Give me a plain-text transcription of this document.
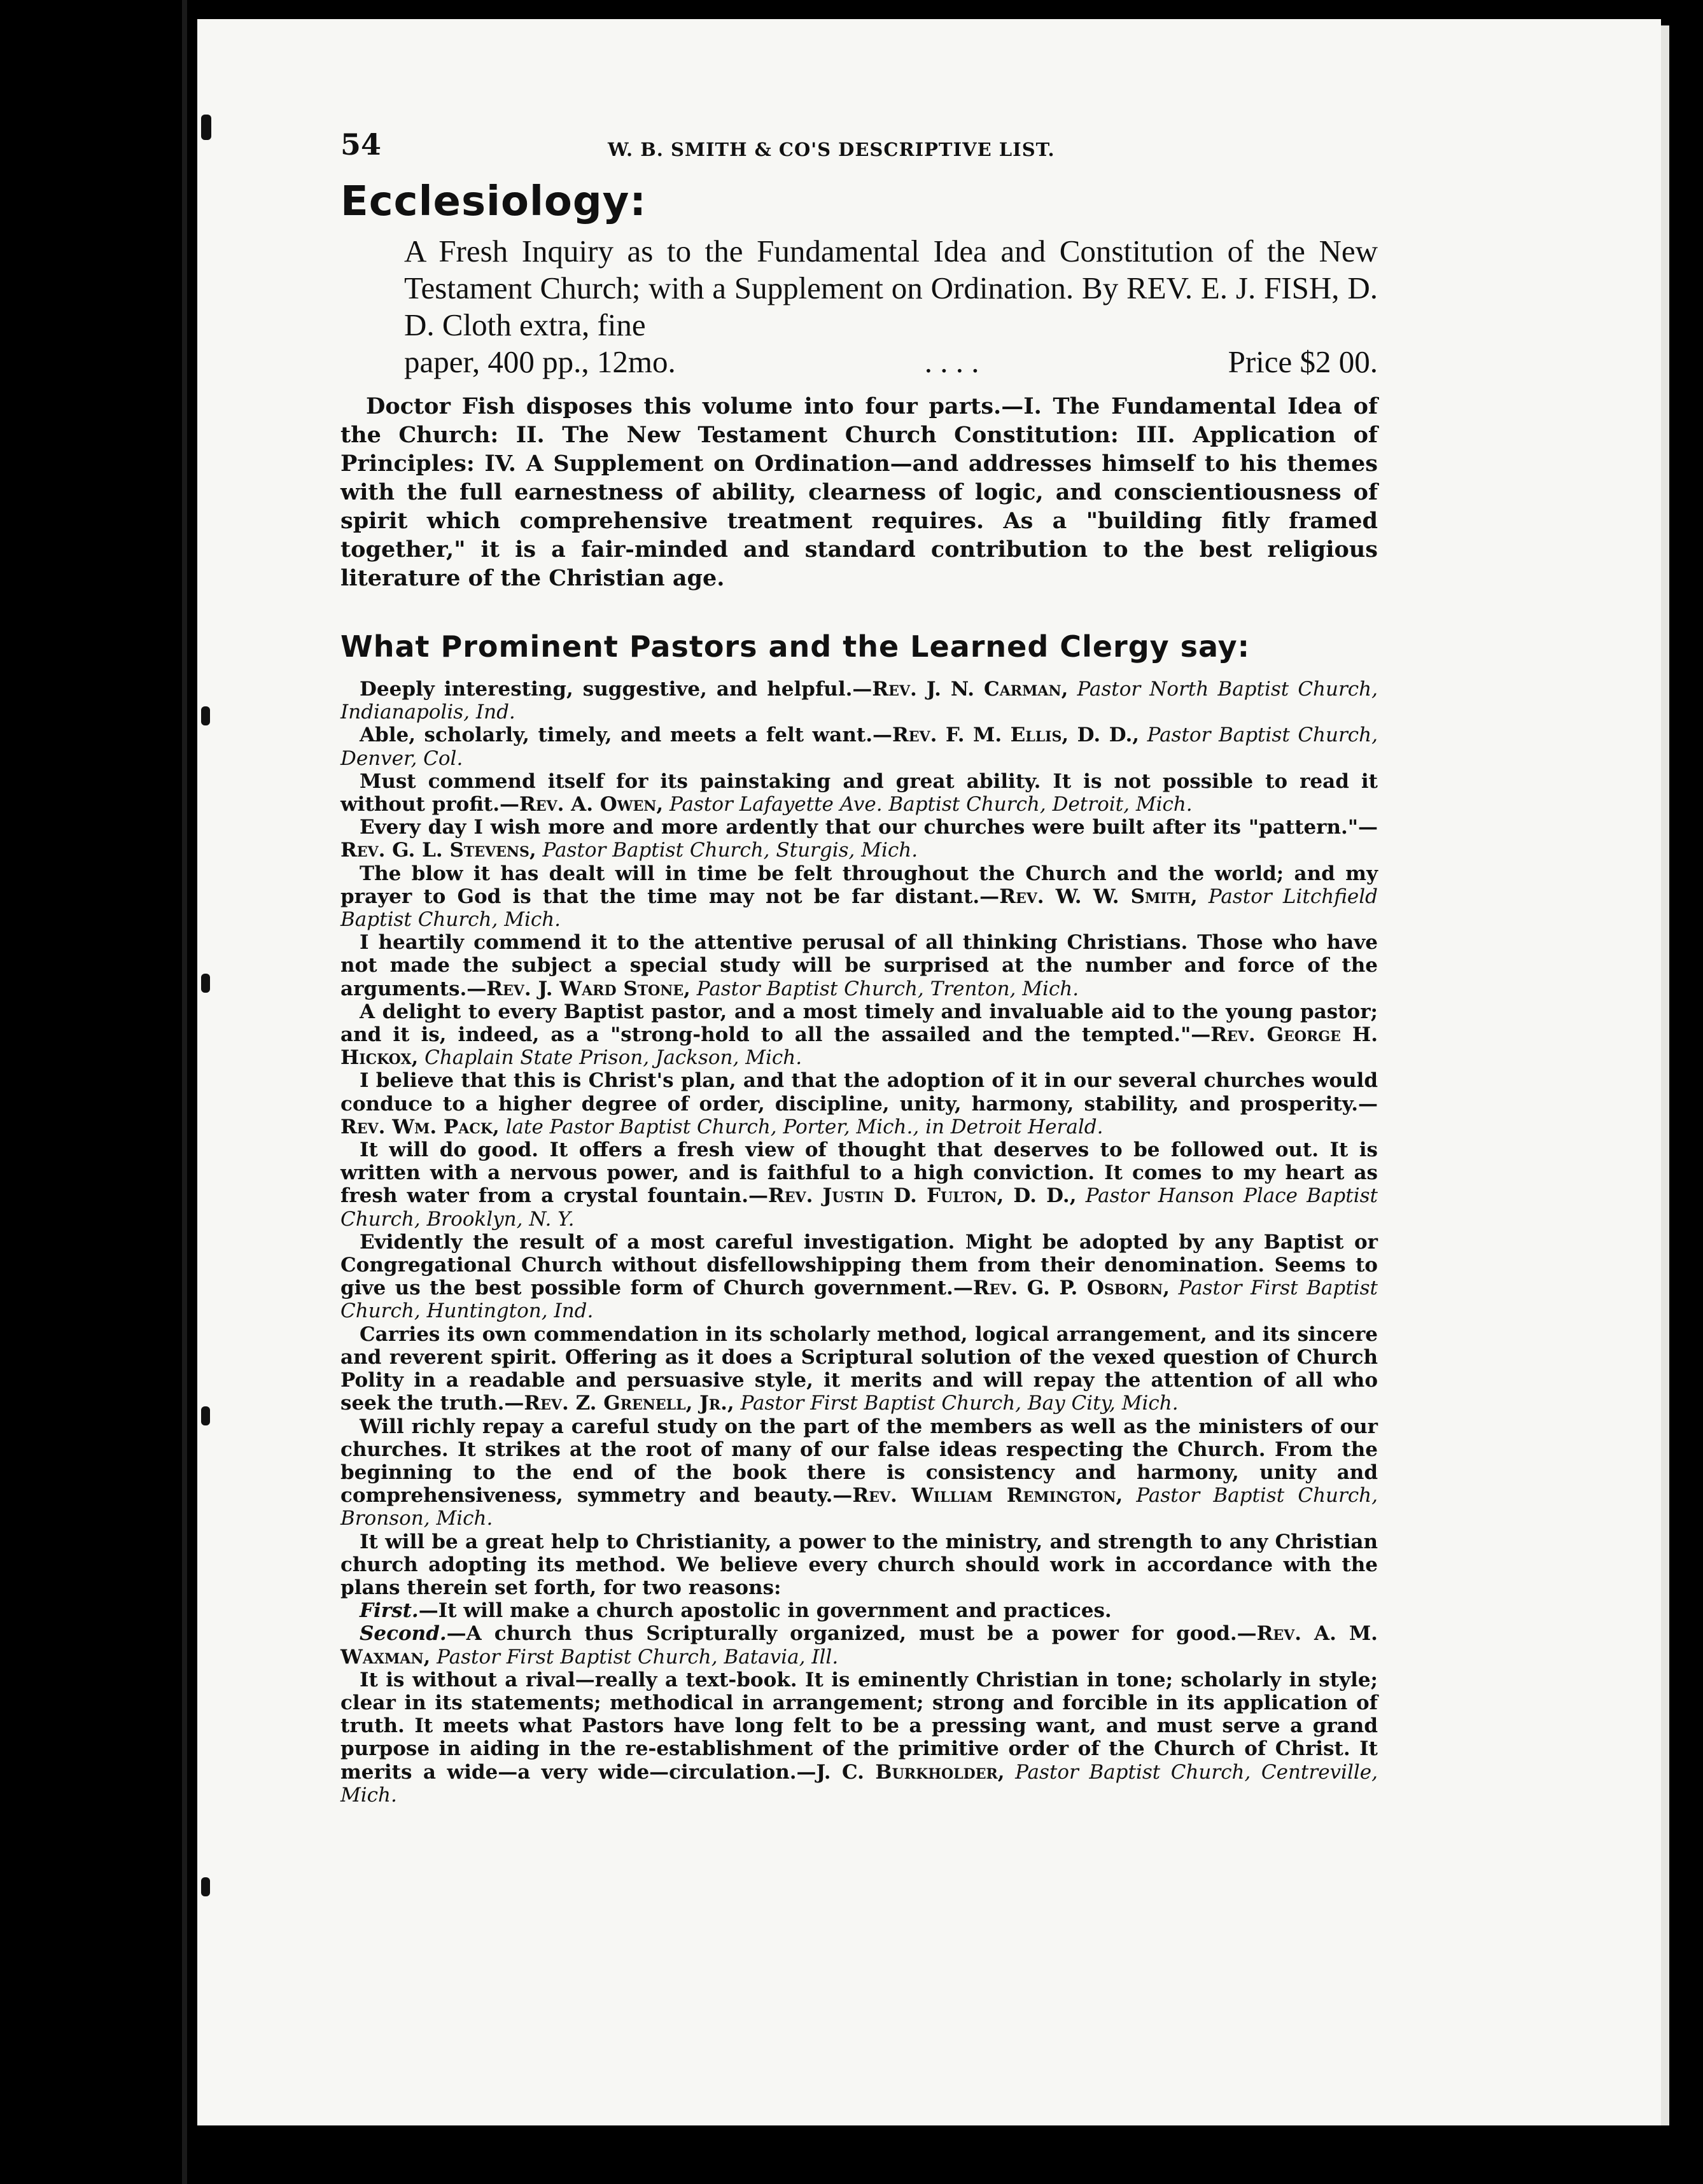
54	W. B. SMITH & CO'S DESCRIPTIVE LIST.
Ecclesiology:
A Fresh Inquiry as to the Fundamental Idea and Constitution of the New Testament Church; with a Supplement on Ordination. By REV. E. J. FISH, D. D. Cloth extra, fine
paper, 400 pp., 12mo.	. . . .	Price $2 00.

Doctor Fish disposes this volume into four parts.—I. The Fundamental Idea of the Church: II. The New Testament Church Constitution: III. Application of Principles: IV. A Supplement on Ordination—and addresses himself to his themes with the full earnestness of ability, clearness of logic, and conscientiousness of spirit which comprehensive treatment requires. As a "building fitly framed together," it is a fair-minded and standard contribution to the best religious literature of the Christian age.

What Prominent Pastors and the Learned Clergy say:

Deeply interesting, suggestive, and helpful.—Rev. J. N. Carman, Pastor North Baptist Church, Indianapolis, Ind.

Able, scholarly, timely, and meets a felt want.—Rev. F. M. Ellis, D. D., Pastor Baptist Church, Denver, Col.

Must commend itself for its painstaking and great ability. It is not possible to read it without profit.—Rev. A. Owen, Pastor Lafayette Ave. Baptist Church, Detroit, Mich.

Every day I wish more and more ardently that our churches were built after its "pattern."—Rev. G. L. Stevens, Pastor Baptist Church, Sturgis, Mich.

The blow it has dealt will in time be felt throughout the Church and the world; and my prayer to God is that the time may not be far distant.—Rev. W. W. Smith, Pastor Litchfield Baptist Church, Mich.

I heartily commend it to the attentive perusal of all thinking Christians. Those who have not made the subject a special study will be surprised at the number and force of the arguments.—Rev. J. Ward Stone, Pastor Baptist Church, Trenton, Mich.

A delight to every Baptist pastor, and a most timely and invaluable aid to the young pastor; and it is, indeed, as a "strong-hold to all the assailed and the tempted."—Rev. George H. Hickox, Chaplain State Prison, Jackson, Mich.

I believe that this is Christ's plan, and that the adoption of it in our several churches would conduce to a higher degree of order, discipline, unity, harmony, stability, and prosperity.—Rev. Wm. Pack, late Pastor Baptist Church, Porter, Mich., in Detroit Herald.

It will do good. It offers a fresh view of thought that deserves to be followed out. It is written with a nervous power, and is faithful to a high conviction. It comes to my heart as fresh water from a crystal fountain.—Rev. Justin D. Fulton, D. D., Pastor Hanson Place Baptist Church, Brooklyn, N. Y.

Evidently the result of a most careful investigation. Might be adopted by any Baptist or Congregational Church without disfellowshipping them from their denomination. Seems to give us the best possible form of Church government.—Rev. G. P. Osborn, Pastor First Baptist Church, Huntington, Ind.

Carries its own commendation in its scholarly method, logical arrangement, and its sincere and reverent spirit. Offering as it does a Scriptural solution of the vexed question of Church Polity in a readable and persuasive style, it merits and will repay the attention of all who seek the truth.—Rev. Z. Grenell, Jr., Pastor First Baptist Church, Bay City, Mich.

Will richly repay a careful study on the part of the members as well as the ministers of our churches. It strikes at the root of many of our false ideas respecting the Church. From the beginning to the end of the book there is consistency and harmony, unity and comprehensiveness, symmetry and beauty.—Rev. William Remington, Pastor Baptist Church, Bronson, Mich.

It will be a great help to Christianity, a power to the ministry, and strength to any Christian church adopting its method. We believe every church should work in accordance with the plans therein set forth, for two reasons:

First.—It will make a church apostolic in government and practices.

Second.—A church thus Scripturally organized, must be a power for good.—Rev. A. M. Waxman, Pastor First Baptist Church, Batavia, Ill.

It is without a rival—really a text-book. It is eminently Christian in tone; scholarly in style; clear in its statements; methodical in arrangement; strong and forcible in its application of truth. It meets what Pastors have long felt to be a pressing want, and must serve a grand purpose in aiding in the re-establishment of the primitive order of the Church of Christ. It merits a wide—a very wide—circulation.—J. C. Burkholder, Pastor Baptist Church, Centreville, Mich.
